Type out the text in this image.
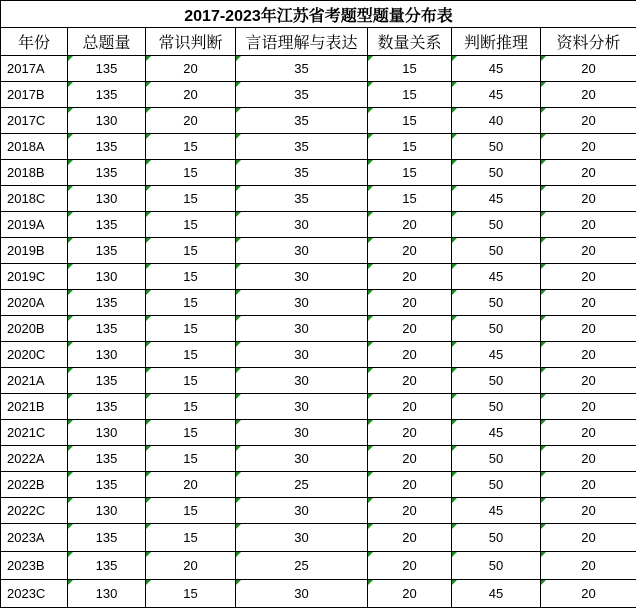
2017-2023年江苏省考题型题量分布表						
年份	总题量	常识判断	言语理解与表达	数量关系	判断推理	资料分析
2017A	135	20	35	15	45	20
2017B	135	20	35	15	45	20
2017C	130	20	35	15	40	20
2018A	135	15	35	15	50	20
2018B	135	15	35	15	50	20
2018C	130	15	35	15	45	20
2019A	135	15	30	20	50	20
2019B	135	15	30	20	50	20
2019C	130	15	30	20	45	20
2020A	135	15	30	20	50	20
2020B	135	15	30	20	50	20
2020C	130	15	30	20	45	20
2021A	135	15	30	20	50	20
2021B	135	15	30	20	50	20
2021C	130	15	30	20	45	20
2022A	135	15	30	20	50	20
2022B	135	20	25	20	50	20
2022C	130	15	30	20	45	20
2023A	135	15	30	20	50	20
2023B	135	20	25	20	50	20
2023C	130	15	30	20	45	20
